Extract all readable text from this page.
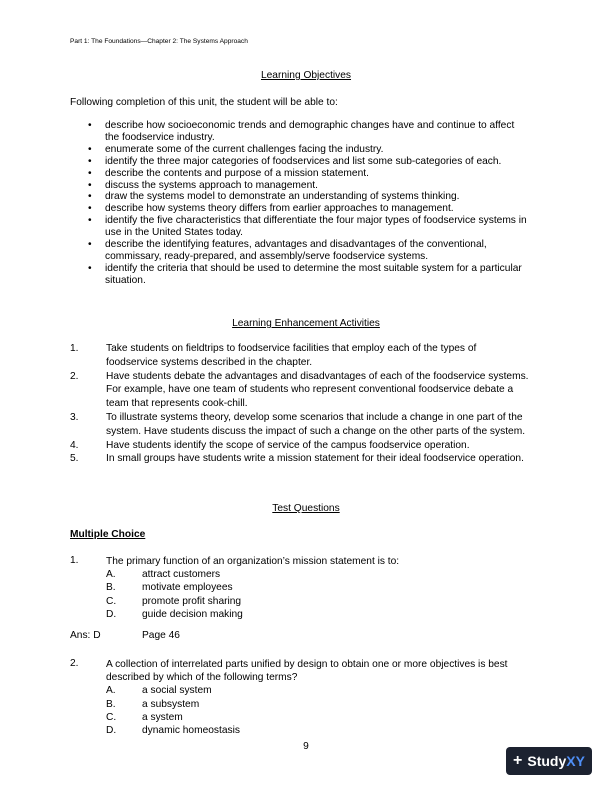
Part 1: The Foundations—Chapter 2: The Systems Approach
Learning Objectives
Following completion of this unit, the student will be able to:
• describe how socioeconomic trends and demographic changes have and continue to affect the foodservice industry.
• enumerate some of the current challenges facing the industry.
• identify the three major categories of foodservices and list some sub-categories of each.
• describe the contents and purpose of a mission statement.
• discuss the systems approach to management.
• draw the systems model to demonstrate an understanding of systems thinking.
• describe how systems theory differs from earlier approaches to management.
• identify the five characteristics that differentiate the four major types of foodservice systems in use in the United States today.
• describe the identifying features, advantages and disadvantages of the conventional, commissary, ready-prepared, and assembly/serve foodservice systems.
• identify the criteria that should be used to determine the most suitable system for a particular situation.
Learning Enhancement Activities
1.	Take students on fieldtrips to foodservice facilities that employ each of the types of foodservice systems described in the chapter.
2.	Have students debate the advantages and disadvantages of each of the foodservice systems. For example, have one team of students who represent conventional foodservice debate a team that represents cook-chill.
3.	To illustrate systems theory, develop some scenarios that include a change in one part of the system. Have students discuss the impact of such a change on the other parts of the system.
4.	Have students identify the scope of service of the campus foodservice operation.
5.	In small groups have students write a mission statement for their ideal foodservice operation.
Test Questions
Multiple Choice
1.	The primary function of an organization’s mission statement is to:
A.	attract customers
B.	motivate employees
C.	promote profit sharing
D.	guide decision making
Ans: D	Page 46
2.	A collection of interrelated parts unified by design to obtain one or more objectives is best described by which of the following terms?
A.	a social system
B.	a subsystem
C.	a system
D.	dynamic homeostasis
9
+ Study XY
